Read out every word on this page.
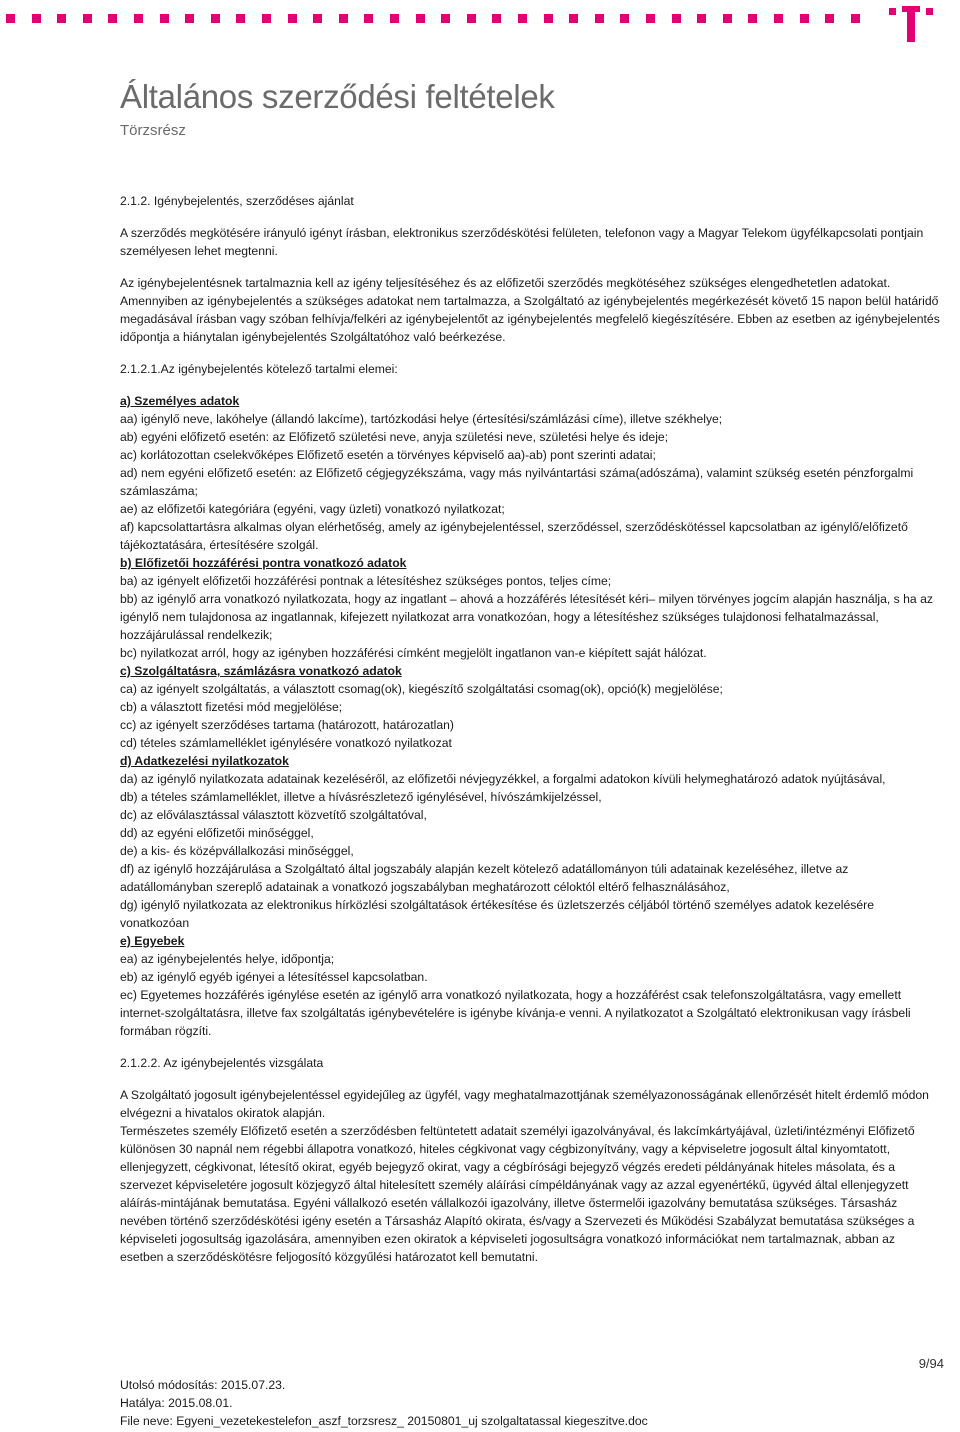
Általános szerződési feltételek
Törzsrész

2.1.2. Igénybejelentés, szerződéses ajánlat

A szerződés megkötésére irányuló igényt írásban, elektronikus szerződéskötési felületen, telefonon vagy a Magyar Telekom ügyfélkapcsolati pontjain személyesen lehet megtenni.

Az igénybejelentésnek tartalmaznia kell az igény teljesítéséhez és az előfizetői szerződés megkötéséhez szükséges elengedhetetlen adatokat.

Amennyiben az igénybejelentés a szükséges adatokat nem tartalmazza, a Szolgáltató az igénybejelentés megérkezését követő 15 napon belül határidő megadásával írásban vagy szóban felhívja/felkéri az igénybejelentőt az igénybejelentés megfelelő kiegészítésére. Ebben az esetben az igénybejelentés időpontja a hiánytalan igénybejelentés Szolgáltatóhoz való beérkezése.

2.1.2.1.Az igénybejelentés kötelező tartalmi elemei:

a) Személyes adatok

aa) igénylő neve, lakóhelye (állandó lakcíme), tartózkodási helye (értesítési/számlázási címe), illetve székhelye;

ab) egyéni előfizető esetén: az Előfizető születési neve, anyja születési neve, születési helye és ideje;

ac) korlátozottan cselekvőképes Előfizető esetén a törvényes képviselő aa)-ab) pont szerinti adatai;

ad) nem egyéni előfizető esetén: az Előfizető cégjegyzékszáma, vagy más nyilvántartási száma(adószáma), valamint szükség esetén pénzforgalmi számlaszáma;

ae) az előfizetői kategóriára (egyéni, vagy üzleti) vonatkozó nyilatkozat;

af) kapcsolattartásra alkalmas olyan elérhetőség, amely az igénybejelentéssel, szerződéssel, szerződéskötéssel kapcsolatban az igénylő/előfizető tájékoztatására, értesítésére szolgál.

b) Előfizetői hozzáférési pontra vonatkozó adatok

ba) az igényelt előfizetői hozzáférési pontnak a létesítéshez szükséges pontos, teljes címe;

bb) az igénylő arra vonatkozó nyilatkozata, hogy az ingatlant – ahová a hozzáférés létesítését kéri– milyen törvényes jogcím alapján használja, s ha az igénylő nem tulajdonosa az ingatlannak, kifejezett nyilatkozat arra vonatkozóan, hogy a létesítéshez szükséges tulajdonosi felhatalmazással, hozzájárulással rendelkezik;

bc) nyilatkozat arról, hogy az igényben hozzáférési címként megjelölt ingatlanon van-e kiépített saját hálózat.

c) Szolgáltatásra, számlázásra vonatkozó adatok

ca) az igényelt szolgáltatás, a választott csomag(ok), kiegészítő szolgáltatási csomag(ok), opció(k) megjelölése;

cb) a választott fizetési mód megjelölése;

cc) az igényelt szerződéses tartama (határozott, határozatlan)

cd) tételes számlamelléklet igénylésére vonatkozó nyilatkozat

d) Adatkezelési nyilatkozatok

da) az igénylő nyilatkozata adatainak kezeléséről, az előfizetői névjegyzékkel, a forgalmi adatokon kívüli helymeghatározó adatok nyújtásával,

db) a tételes számlamelléklet, illetve a hívásrészletező igénylésével, hívószámkijelzéssel,

dc) az előválasztással választott közvetítő szolgáltatóval,

dd) az egyéni előfizetői minőséggel,

de) a kis- és középvállalkozási minőséggel,

df) az igénylő hozzájárulása a Szolgáltató által jogszabály alapján kezelt kötelező adatállományon túli adatainak kezeléséhez, illetve az adatállományban szereplő adatainak a vonatkozó jogszabályban meghatározott céloktól eltérő felhasználásához,

dg) igénylő nyilatkozata az elektronikus hírközlési szolgáltatások értékesítése és üzletszerzés céljából történő személyes adatok kezelésére vonatkozóan

e) Egyebek

ea) az igénybejelentés helye, időpontja;

eb) az igénylő egyéb igényei a létesítéssel kapcsolatban.

ec) Egyetemes hozzáférés igénylése esetén az igénylő arra vonatkozó nyilatkozata, hogy a hozzáférést csak telefonszolgáltatásra, vagy emellett internet-szolgáltatásra, illetve fax szolgáltatás igénybevételére is igénybe kívánja-e venni. A nyilatkozatot a Szolgáltató elektronikusan vagy írásbeli formában rögzíti.

2.1.2.2. Az igénybejelentés vizsgálata

A Szolgáltató jogosult igénybejelentéssel egyidejűleg az ügyfél, vagy meghatalmazottjának személyazonosságának ellenőrzését hitelt érdemlő módon elvégezni a hivatalos okiratok alapján.

Természetes személy Előfizető esetén a szerződésben feltüntetett adatait személyi igazolványával, és lakcímkártyájával, üzleti/intézményi Előfizető különösen 30 napnál nem régebbi állapotra vonatkozó, hiteles cégkivonat vagy cégbizonyítvány, vagy a képviseletre jogosult által kinyomtatott, ellenjegyzett, cégkivonat, létesítő okirat, egyéb bejegyző okirat, vagy a cégbírósági bejegyző végzés eredeti példányának hiteles másolata, és a szervezet képviseletére jogosult közjegyző által hitelesített személy aláírási címpéldányának vagy az azzal egyenértékű, ügyvéd által ellenjegyzett aláírás-mintájának bemutatása. Egyéni vállalkozó esetén vállalkozói igazolvány, illetve őstermelői igazolvány bemutatása szükséges. Társasház nevében történő szerződéskötési igény esetén a Társasház Alapító okirata, és/vagy a Szervezeti és Működési Szabályzat bemutatása szükséges a képviseleti jogosultság igazolására, amennyiben ezen okiratok a képviseleti jogosultságra vonatkozó információkat nem tartalmaznak, abban az esetben a szerződéskötésre feljogosító közgyűlési határozatot kell bemutatni.

9/94
Utolsó módosítás: 2015.07.23.
Hatálya: 2015.08.01.
File neve: Egyeni_vezetekestelefon_aszf_torzsresz_ 20150801_uj szolgaltatassal kiegeszitve.doc
